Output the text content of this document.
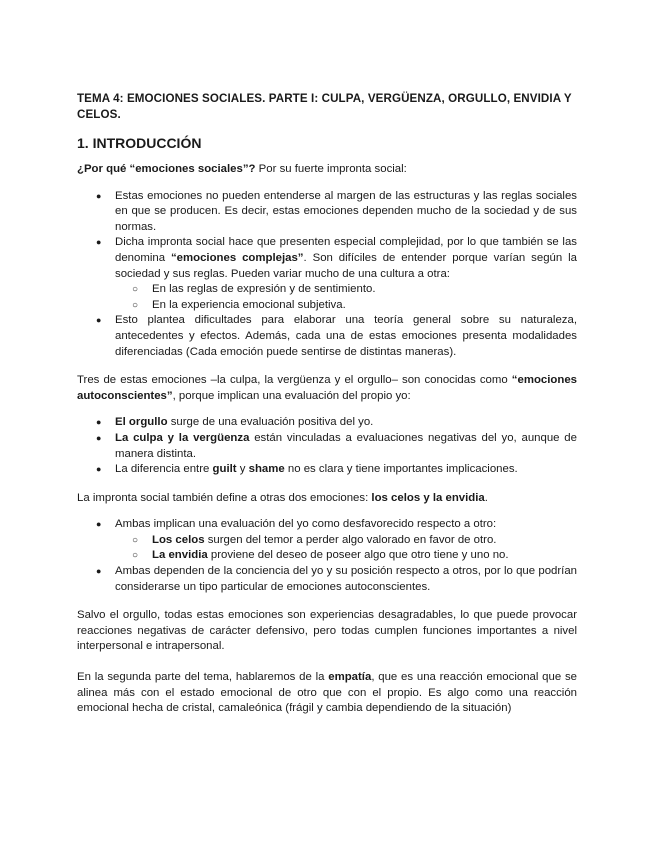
TEMA 4: EMOCIONES SOCIALES. PARTE I: CULPA, VERGÜENZA, ORGULLO, ENVIDIA Y CELOS.

1. INTRODUCCIÓN

¿Por qué “emociones sociales”? Por su fuerte impronta social:

● Estas emociones no pueden entenderse al margen de las estructuras y las reglas sociales en que se producen. Es decir, estas emociones dependen mucho de la sociedad y de sus normas.
● Dicha impronta social hace que presenten especial complejidad, por lo que también se las denomina “emociones complejas”. Son difíciles de entender porque varían según la sociedad y sus reglas. Pueden variar mucho de una cultura a otra:
○ En las reglas de expresión y de sentimiento.
○ En la experiencia emocional subjetiva.
● Esto plantea dificultades para elaborar una teoría general sobre su naturaleza, antecedentes y efectos. Además, cada una de estas emociones presenta modalidades diferenciadas (Cada emoción puede sentirse de distintas maneras).

Tres de estas emociones –la culpa, la vergüenza y el orgullo– son conocidas como “emociones autoconscientes”, porque implican una evaluación del propio yo:

● El orgullo surge de una evaluación positiva del yo.
● La culpa y la vergüenza están vinculadas a evaluaciones negativas del yo, aunque de manera distinta.
● La diferencia entre guilt y shame no es clara y tiene importantes implicaciones.

La impronta social también define a otras dos emociones: los celos y la envidia.

● Ambas implican una evaluación del yo como desfavorecido respecto a otro:
○ Los celos surgen del temor a perder algo valorado en favor de otro.
○ La envidia proviene del deseo de poseer algo que otro tiene y uno no.
● Ambas dependen de la conciencia del yo y su posición respecto a otros, por lo que podrían considerarse un tipo particular de emociones autoconscientes.

Salvo el orgullo, todas estas emociones son experiencias desagradables, lo que puede provocar reacciones negativas de carácter defensivo, pero todas cumplen funciones importantes a nivel interpersonal e intrapersonal.

En la segunda parte del tema, hablaremos de la empatía, que es una reacción emocional que se alinea más con el estado emocional de otro que con el propio. Es algo como una reacción emocional hecha de cristal, camaleónica (frágil y cambia dependiendo de la situación)
